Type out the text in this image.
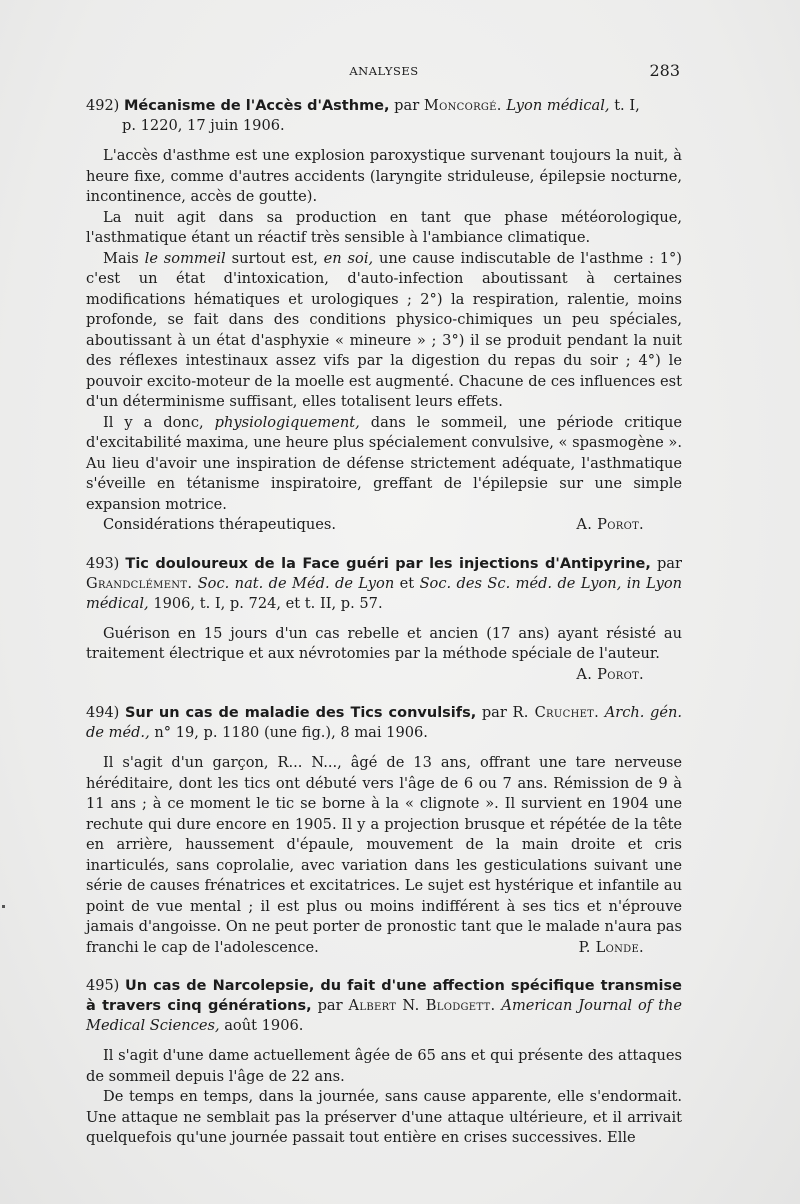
ANALYSES	283

492) Mécanisme de l'Accès d'Asthme, par Moncorgé. Lyon médical, t. I,
p. 1220, 17 juin 1906.

L'accès d'asthme est une explosion paroxystique survenant toujours la nuit, à heure fixe, comme d'autres accidents (laryngite striduleuse, épilepsie nocturne, incontinence, accès de goutte).

La nuit agit dans sa production en tant que phase météorologique, l'asthmatique étant un réactif très sensible à l'ambiance climatique.

Mais le sommeil surtout est, en soi, une cause indiscutable de l'asthme : 1°) c'est un état d'intoxication, d'auto-infection aboutissant à certaines modifications hématiques et urologiques ; 2°) la respiration, ralentie, moins profonde, se fait dans des conditions physico-chimiques un peu spéciales, aboutissant à un état d'asphyxie « mineure » ; 3°) il se produit pendant la nuit des réflexes intestinaux assez vifs par la digestion du repas du soir ; 4°) le pouvoir excito-moteur de la moelle est augmenté. Chacune de ces influences est d'un déterminisme suffisant, elles totalisent leurs effets.

Il y a donc, physiologiquement, dans le sommeil, une période critique d'excitabilité maxima, une heure plus spécialement convulsive, « spasmogène ». Au lieu d'avoir une inspiration de défense strictement adéquate, l'asthmatique s'éveille en tétanisme inspiratoire, greffant de l'épilepsie sur une simple expansion motrice.

Considérations thérapeutiques.	A. Porot.

493) Tic douloureux de la Face guéri par les injections d'Antipyrine, par Grandclément. Soc. nat. de Méd. de Lyon et Soc. des Sc. méd. de Lyon, in Lyon médical, 1906, t. I, p. 724, et t. II, p. 57.

Guérison en 15 jours d'un cas rebelle et ancien (17 ans) ayant résisté au traitement électrique et aux névrotomies par la méthode spéciale de l'auteur.

A. Porot.

494) Sur un cas de maladie des Tics convulsifs, par R. Cruchet. Arch. gén. de méd., n° 19, p. 1180 (une fig.), 8 mai 1906.

Il s'agit d'un garçon, R... N..., âgé de 13 ans, offrant une tare nerveuse héréditaire, dont les tics ont débuté vers l'âge de 6 ou 7 ans. Rémission de 9 à 11 ans ; à ce moment le tic se borne à la « clignote ». Il survient en 1904 une rechute qui dure encore en 1905. Il y a projection brusque et répétée de la tête en arrière, haussement d'épaule, mouvement de la main droite et cris inarticulés, sans coprolalie, avec variation dans les gesticulations suivant une série de causes frénatrices et excitatrices. Le sujet est hystérique et infantile au point de vue mental ; il est plus ou moins indifférent à ses tics et n'éprouve jamais d'angoisse. On ne peut porter de pronostic tant que le malade n'aura pas franchi le cap de l'adolescence.	P. Londe.

495) Un cas de Narcolepsie, du fait d'une affection spécifique transmise à travers cinq générations, par Albert N. Blodgett. American Journal of the Medical Sciences, août 1906.

Il s'agit d'une dame actuellement âgée de 65 ans et qui présente des attaques de sommeil depuis l'âge de 22 ans.

De temps en temps, dans la journée, sans cause apparente, elle s'endormait. Une attaque ne semblait pas la préserver d'une attaque ultérieure, et il arrivait quelquefois qu'une journée passait tout entière en crises successives. Elle
